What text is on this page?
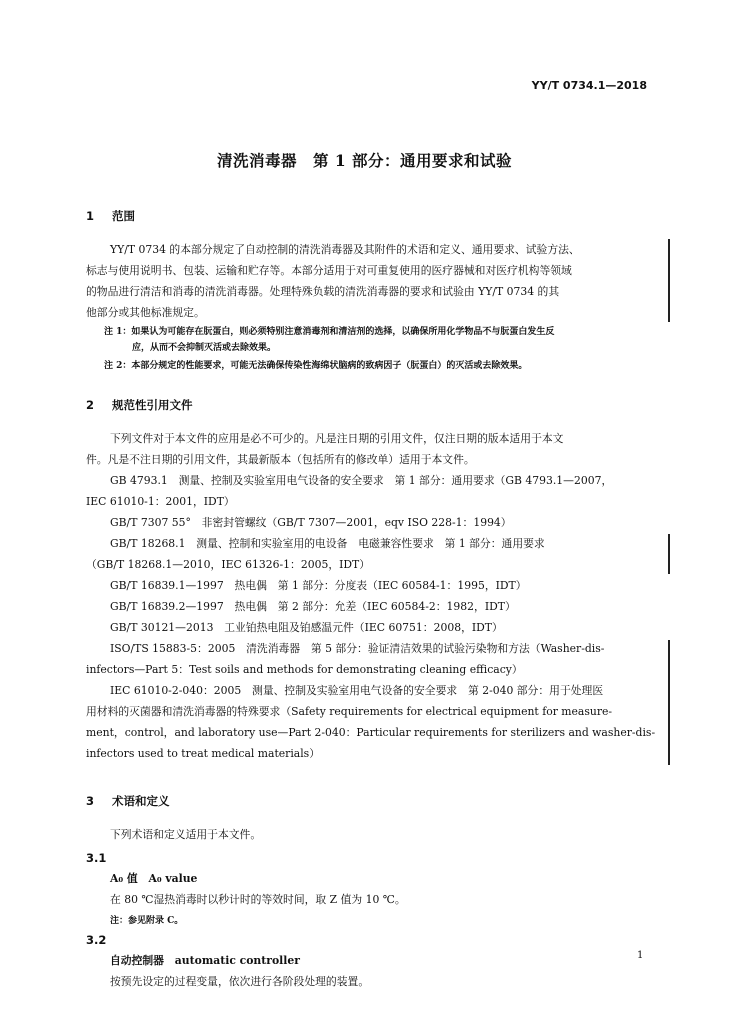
YY/T 0734.1—2018
清洗消毒器　第 1 部分：通用要求和试验
1 范围
YY/T 0734 的本部分规定了自动控制的清洗消毒器及其附件的术语和定义、通用要求、试验方法、
标志与使用说明书、包装、运输和贮存等。本部分适用于对可重复使用的医疗器械和对医疗机构等领域
的物品进行清洁和消毒的清洗消毒器。处理特殊负载的清洗消毒器的要求和试验由 YY/T 0734 的其
他部分或其他标准规定。
注 1：如果认为可能存在朊蛋白，则必须特别注意消毒剂和清洁剂的选择，以确保所用化学物品不与朊蛋白发生反
应，从而不会抑制灭活或去除效果。
注 2：本部分规定的性能要求，可能无法确保传染性海绵状脑病的致病因子（朊蛋白）的灭活或去除效果。
2 规范性引用文件
下列文件对于本文件的应用是必不可少的。凡是注日期的引用文件，仅注日期的版本适用于本文
件。凡是不注日期的引用文件，其最新版本（包括所有的修改单）适用于本文件。
GB 4793.1　测量、控制及实验室用电气设备的安全要求　第 1 部分：通用要求（GB 4793.1—2007，
IEC 61010-1：2001，IDT）
GB/T 7307 55°　非密封管螺纹（GB/T 7307—2001，eqv ISO 228-1：1994）
GB/T 18268.1　测量、控制和实验室用的电设备　电磁兼容性要求　第 1 部分：通用要求
（GB/T 18268.1—2010，IEC 61326-1：2005，IDT）
GB/T 16839.1—1997　热电偶　第 1 部分：分度表（IEC 60584-1：1995，IDT）
GB/T 16839.2—1997　热电偶　第 2 部分：允差（IEC 60584-2：1982，IDT）
GB/T 30121—2013　工业铂热电阻及铂感温元件（IEC 60751：2008，IDT）
ISO/TS 15883-5：2005　清洗消毒器　第 5 部分：验证清洁效果的试验污染物和方法（Washer-dis-
infectors—Part 5：Test soils and methods for demonstrating cleaning efficacy）
IEC 61010-2-040：2005　测量、控制及实验室用电气设备的安全要求　第 2-040 部分：用于处理医
用材料的灭菌器和清洗消毒器的特殊要求（Safety requirements for electrical equipment for measure-
ment，control，and laboratory use—Part 2-040：Particular requirements for sterilizers and washer-dis-
infectors used to treat medical materials）
3 术语和定义
下列术语和定义适用于本文件。
3.1
A₀ 值　A₀ value
在 80 ℃湿热消毒时以秒计时的等效时间，取 Z 值为 10 ℃。
注：参见附录 C。
3.2
自动控制器　automatic controller
按预先设定的过程变量，依次进行各阶段处理的装置。
1
